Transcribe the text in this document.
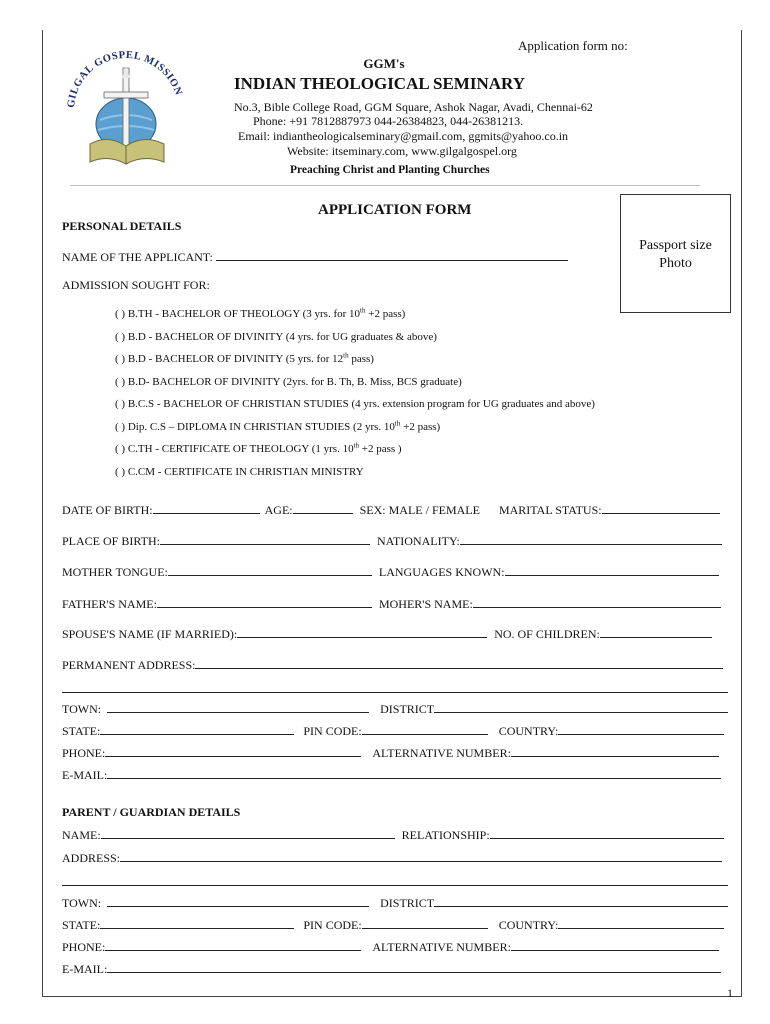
GILGAL GOSPEL MISSION
Application form no:
GGM's
INDIAN THEOLOGICAL SEMINARY
No.3, Bible College Road, GGM Square, Ashok Nagar, Avadi, Chennai-62
Phone: +91 7812887973 044-26384823, 044-26381213.
Email: indiantheologicalseminary@gmail.com, ggmits@yahoo.co.in
Website: itseminary.com, www.gilgalgospel.org
Preaching Christ and Planting Churches
APPLICATION FORM
Passport size
Photo
PERSONAL DETAILS
NAME OF THE APPLICANT:
ADMISSION SOUGHT FOR:
( ) B.TH - BACHELOR OF THEOLOGY (3 yrs. for 10th +2 pass)
( ) B.D - BACHELOR OF DIVINITY (4 yrs. for UG graduates & above)
( ) B.D - BACHELOR OF DIVINITY (5 yrs. for 12th pass)
( ) B.D- BACHELOR OF DIVINITY (2yrs. for B. Th, B. Miss, BCS graduate)
( ) B.C.S - BACHELOR OF CHRISTIAN STUDIES (4 yrs. extension program for UG graduates and above)
( ) Dip. C.S – DIPLOMA IN CHRISTIAN STUDIES (2 yrs. 10th +2 pass)
( ) C.TH - CERTIFICATE OF THEOLOGY (1 yrs. 10th +2 pass )
( ) C.CM - CERTIFICATE IN CHRISTIAN MINISTRY
DATE OF BIRTH:	AGE:	SEX: MALE / FEMALE MARITAL STATUS:
PLACE OF BIRTH:	NATIONALITY:
MOTHER TONGUE:	LANGUAGES KNOWN:
FATHER'S NAME:	MOHER'S NAME:
SPOUSE'S NAME (IF MARRIED):	NO. OF CHILDREN:
PERMANENT ADDRESS:
TOWN:	DISTRICT
STATE:	PIN CODE:	COUNTRY:
PHONE:	ALTERNATIVE NUMBER:
E-MAIL:
PARENT / GUARDIAN DETAILS
NAME:	RELATIONSHIP:
ADDRESS:
TOWN:	DISTRICT
STATE:	PIN CODE:	COUNTRY:
PHONE:	ALTERNATIVE NUMBER:
E-MAIL:
1
